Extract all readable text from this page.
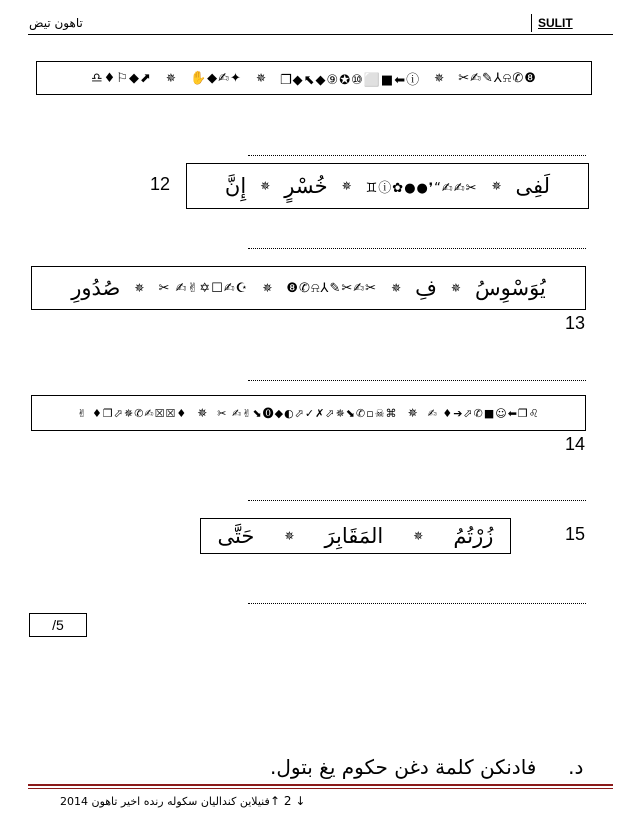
تاهون تيض	SULIT
❽✆⍾⅄✎✍✂
✵
ⓘ⬅■⬜⑩✪⑨◆⬉◆❐
✵
✦✍◆✋
✵
⬈◆⚐♦♎
12	لَفِى
✵
✂✍✍“❜●●✿ⓘ♊
✵
خُسْرٍ
✵
إِنَّ
يُوَسْوِسُ
✵
فِ
✵
✂✍✂✎⅄⍾✆❽
✵
☪✍☐✡✌✍ ✂
✵
صُدُورِ
13
♌❐⬅☺■✆⬀➔♦ ✍
✵
⌘☠▫✆⬊✵⬀✗✓⬀◐◆⓿⬊✌✍ ✂
✵
♦☒☒✍✆✵⬀❐♦ ✌
14
زُرْتُمُ
✵
المَقَابِرَ
✵
حَتَّى	15
/5
د.     فادنكن كلمة دغن حكوم يغ بتول.
فنيلاين كنداليان سكوله رنده اخير تاهون 2014 ↑ 2 ↓
